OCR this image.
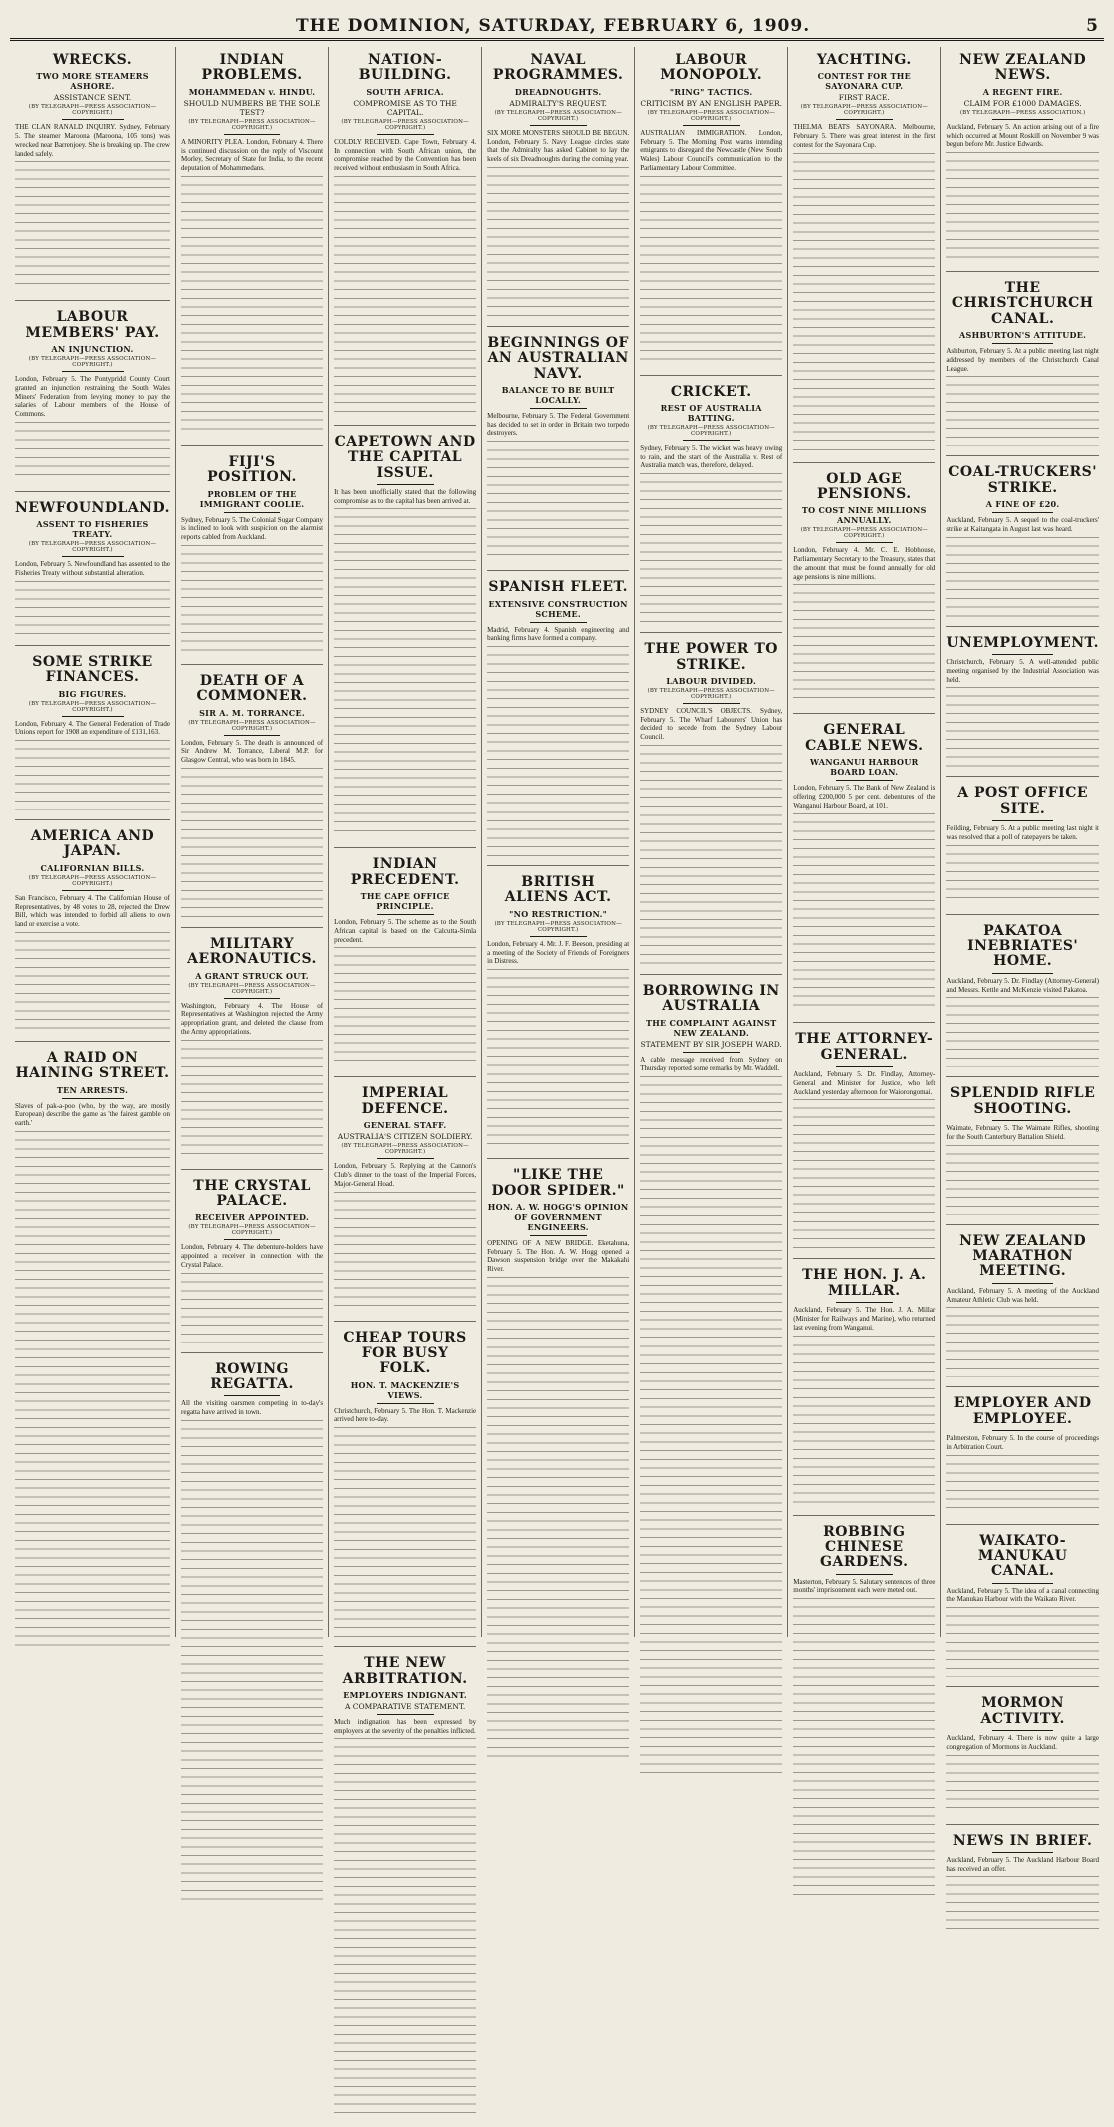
THE DOMINION, SATURDAY, FEBRUARY 6, 1909.	5
WRECKS.
TWO MORE STEAMERS ASHORE.
ASSISTANCE SENT.
(BY TELEGRAPH—PRESS ASSOCIATION—COPYRIGHT.)
THE CLAN RANALD INQUIRY. Sydney, February 5. The steamer Maroona (Maroona, 105 tons) was wrecked near Barrenjoey. She is breaking up. The crew landed safely.
LABOUR MEMBERS' PAY.
AN INJUNCTION.
(BY TELEGRAPH—PRESS ASSOCIATION—COPYRIGHT.)
London, February 5. The Pontypridd County Court granted an injunction restraining the South Wales Miners' Federation from levying money to pay the salaries of Labour members of the House of Commons.
NEWFOUNDLAND.
ASSENT TO FISHERIES TREATY.
(BY TELEGRAPH—PRESS ASSOCIATION—COPYRIGHT.)
London, February 5. Newfoundland has assented to the Fisheries Treaty without substantial alteration.
SOME STRIKE FINANCES.
BIG FIGURES.
(BY TELEGRAPH—PRESS ASSOCIATION—COPYRIGHT.)
London, February 4. The General Federation of Trade Unions report for 1908 an expenditure of £131,163.
AMERICA AND JAPAN.
CALIFORNIAN BILLS.
(BY TELEGRAPH—PRESS ASSOCIATION—COPYRIGHT.)
San Francisco, February 4. The Californian House of Representatives, by 48 votes to 28, rejected the Drew Bill, which was intended to forbid all aliens to own land or exercise a vote.
A RAID ON HAINING STREET.
TEN ARRESTS.
Slaves of pak-a-poo (who, by the way, are mostly European) describe the game as 'the fairest gamble on earth.'
INDIAN PROBLEMS.
MOHAMMEDAN v. HINDU.
SHOULD NUMBERS BE THE SOLE TEST?
(BY TELEGRAPH—PRESS ASSOCIATION—COPYRIGHT.)
A MINORITY PLEA. London, February 4. There is continued discussion on the reply of Viscount Morley, Secretary of State for India, to the recent deputation of Mohammedans.
FIJI'S POSITION.
PROBLEM OF THE IMMIGRANT COOLIE.
Sydney, February 5. The Colonial Sugar Company is inclined to look with suspicion on the alarmist reports cabled from Auckland.
DEATH OF A COMMONER.
SIR A. M. TORRANCE.
(BY TELEGRAPH—PRESS ASSOCIATION—COPYRIGHT.)
London, February 5. The death is announced of Sir Andrew M. Torrance, Liberal M.P. for Glasgow Central, who was born in 1845.
MILITARY AERONAUTICS.
A GRANT STRUCK OUT.
(BY TELEGRAPH—PRESS ASSOCIATION—COPYRIGHT.)
Washington, February 4. The House of Representatives at Washington rejected the Army appropriation grant, and deleted the clause from the Army appropriations.
THE CRYSTAL PALACE.
RECEIVER APPOINTED.
(BY TELEGRAPH—PRESS ASSOCIATION—COPYRIGHT.)
London, February 4. The debenture-holders have appointed a receiver in connection with the Crystal Palace.
ROWING REGATTA.
All the visiting oarsmen competing in to-day's regatta have arrived in town.
NATION-BUILDING.
SOUTH AFRICA.
COMPROMISE AS TO THE CAPITAL.
(BY TELEGRAPH—PRESS ASSOCIATION—COPYRIGHT.)
COLDLY RECEIVED. Cape Town, February 4. In connection with South African union, the compromise reached by the Convention has been received without enthusiasm in South Africa.
CAPETOWN AND THE CAPITAL ISSUE.
It has been unofficially stated that the following compromise as to the capital has been arrived at.
INDIAN PRECEDENT.
THE CAPE OFFICE PRINCIPLE.
London, February 5. The scheme as to the South African capital is based on the Calcutta-Simla precedent.
IMPERIAL DEFENCE.
GENERAL STAFF.
AUSTRALIA'S CITIZEN SOLDIERY.
(BY TELEGRAPH—PRESS ASSOCIATION—COPYRIGHT.)
London, February 5. Replying at the Cannon's Club's dinner to the toast of the Imperial Forces, Major-General Hoad.
CHEAP TOURS FOR BUSY FOLK.
HON. T. MACKENZIE'S VIEWS.
Christchurch, February 5. The Hon. T. Mackenzie arrived here to-day.
THE NEW ARBITRATION.
EMPLOYERS INDIGNANT.
A COMPARATIVE STATEMENT.
Much indignation has been expressed by employers at the severity of the penalties inflicted.
NAVAL PROGRAMMES.
DREADNOUGHTS.
ADMIRALTY'S REQUEST.
(BY TELEGRAPH—PRESS ASSOCIATION—COPYRIGHT.)
SIX MORE MONSTERS SHOULD BE BEGUN. London, February 5. Navy League circles state that the Admiralty has asked Cabinet to lay the keels of six Dreadnoughts during the coming year.
BEGINNINGS OF AN AUSTRALIAN NAVY.
BALANCE TO BE BUILT LOCALLY.
Melbourne, February 5. The Federal Government has decided to set in order in Britain two torpedo destroyers.
SPANISH FLEET.
EXTENSIVE CONSTRUCTION SCHEME.
Madrid, February 4. Spanish engineering and banking firms have formed a company.
BRITISH ALIENS ACT.
"NO RESTRICTION."
(BY TELEGRAPH—PRESS ASSOCIATION—COPYRIGHT.)
London, February 4. Mr. J. F. Beeson, presiding at a meeting of the Society of Friends of Foreigners in Distress.
"LIKE THE DOOR SPIDER."
HON. A. W. HOGG'S OPINION OF GOVERNMENT ENGINEERS.
OPENING OF A NEW BRIDGE. Eketahuna, February 5. The Hon. A. W. Hogg opened a Dawson suspension bridge over the Makakahi River.
LABOUR MONOPOLY.
"RING" TACTICS.
CRITICISM BY AN ENGLISH PAPER.
(BY TELEGRAPH—PRESS ASSOCIATION—COPYRIGHT.)
AUSTRALIAN IMMIGRATION. London, February 5. The Morning Post warns intending emigrants to disregard the Newcastle (New South Wales) Labour Council's communication to the Parliamentary Labour Committee.
CRICKET.
REST OF AUSTRALIA BATTING.
(BY TELEGRAPH—PRESS ASSOCIATION—COPYRIGHT.)
Sydney, February 5. The wicket was heavy owing to rain, and the start of the Australia v. Rest of Australia match was, therefore, delayed.
THE POWER TO STRIKE.
LABOUR DIVIDED.
(BY TELEGRAPH—PRESS ASSOCIATION—COPYRIGHT.)
SYDNEY COUNCIL'S OBJECTS. Sydney, February 5. The Wharf Labourers' Union has decided to secede from the Sydney Labour Council.
BORROWING IN AUSTRALIA
THE COMPLAINT AGAINST NEW ZEALAND.
STATEMENT BY SIR JOSEPH WARD.
A cable message received from Sydney on Thursday reported some remarks by Mr. Waddell.
YACHTING.
CONTEST FOR THE SAYONARA CUP.
FIRST RACE.
(BY TELEGRAPH—PRESS ASSOCIATION—COPYRIGHT.)
THELMA BEATS SAYONARA. Melbourne, February 5. There was great interest in the first contest for the Sayonara Cup.
OLD AGE PENSIONS.
TO COST NINE MILLIONS ANNUALLY.
(BY TELEGRAPH—PRESS ASSOCIATION—COPYRIGHT.)
London, February 4. Mr. C. E. Hobhouse, Parliamentary Secretary to the Treasury, states that the amount that must be found annually for old age pensions is nine millions.
GENERAL CABLE NEWS.
WANGANUI HARBOUR BOARD LOAN.
London, February 5. The Bank of New Zealand is offering £200,000 5 per cent. debentures of the Wanganui Harbour Board, at 101.
THE ATTORNEY-GENERAL.
Auckland, February 5. Dr. Findlay, Attorney-General and Minister for Justice, who left Auckland yesterday afternoon for Waiorongomai.
THE HON. J. A. MILLAR.
Auckland, February 5. The Hon. J. A. Millar (Minister for Railways and Marine), who returned last evening from Wanganui.
ROBBING CHINESE GARDENS.
Masterton, February 5. Salutary sentences of three months' imprisonment each were meted out.
NEW ZEALAND NEWS.
A REGENT FIRE.
CLAIM FOR £1000 DAMAGES.
(BY TELEGRAPH—PRESS ASSOCIATION.)
Auckland, February 5. An action arising out of a fire which occurred at Mount Roskill on November 9 was begun before Mr. Justice Edwards.
THE CHRISTCHURCH CANAL.
ASHBURTON'S ATTITUDE.
Ashburton, February 5. At a public meeting last night addressed by members of the Christchurch Canal League.
COAL-TRUCKERS' STRIKE.
A FINE OF £20.
Auckland, February 5. A sequel to the coal-truckers' strike at Kaitangata in August last was heard.
UNEMPLOYMENT.
Christchurch, February 5. A well-attended public meeting organised by the Industrial Association was held.
A POST OFFICE SITE.
Feilding, February 5. At a public meeting last night it was resolved that a poll of ratepayers be taken.
PAKATOA INEBRIATES' HOME.
Auckland, February 5. Dr. Findlay (Attorney-General) and Messrs. Kettle and McKenzie visited Pakatoa.
SPLENDID RIFLE SHOOTING.
Waimate, February 5. The Waimate Rifles, shooting for the South Canterbury Battalion Shield.
NEW ZEALAND MARATHON MEETING.
Auckland, February 5. A meeting of the Auckland Amateur Athletic Club was held.
EMPLOYER AND EMPLOYEE.
Palmerston, February 5. In the course of proceedings in Arbitration Court.
WAIKATO-MANUKAU CANAL.
Auckland, February 5. The idea of a canal connecting the Manukau Harbour with the Waikato River.
MORMON ACTIVITY.
Auckland, February 4. There is now quite a large congregation of Mormons in Auckland.
NEWS IN BRIEF.
Auckland, February 5. The Auckland Harbour Board has received an offer.
